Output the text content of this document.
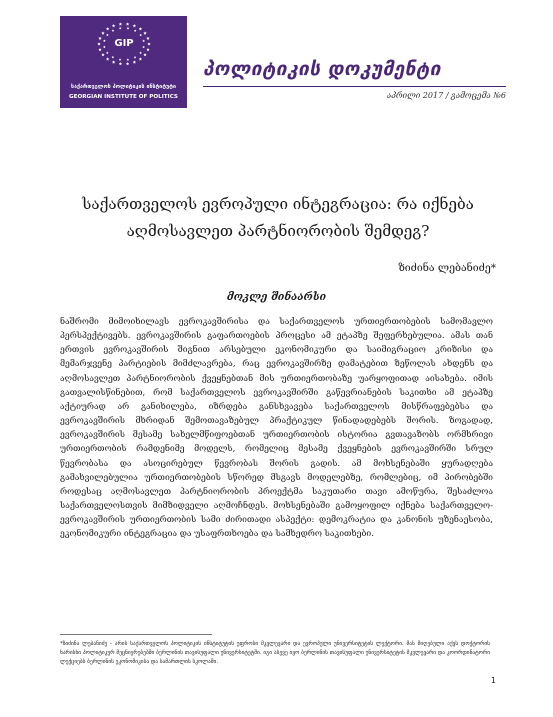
GIP
საქართველოს პოლიტიკის ინსტიტუტი
GEORGIAN INSTITUTE OF POLITICS
პოლიტიკის დოკუმენტი
აპრილი 2017 / გამოცემა №6
საქართველოს ევროპული ინტეგრაცია: რა იქნება
აღმოსავლეთ პარტნიორობის შემდეგ?
ზიძინა ლებანიძე*
მოკლე შინაარსი
ნაშრომი მიმოიხილავს ევროკავშირისა და საქართველოს ურთიერთობების სამომავლო პერსპექტივებს. ევროკავშირის გაფართოების პროცესი ამ ეტაპზე შეფერხებულია. ამას თან ერთვის ევროკავშირის შიგნით არსებული ეკონომიკური და საიმიგრაციო კრიზისი და მემარჯვენე პარტიების მიმძლავრება, რაც ევროკავშირზე დამატებით ზეწოლას ახდენს და აღმოსავლეთ პარტნიორობის ქვეყნებთან მის ურთიერთობაზე უარყოფითად აისახება. იმის გათვალისწინებით, რომ საქართველოს ევროკავშირში გაწევრიანების საკითხი ამ ეტაპზე აქტიურად არ განიხილება, იზრდება განსხვავება საქართველოს მისწრაფებებსა და ევროკავშირის მხრიდან შემოთავაზებულ პრაქტიკულ წინადადებებს შორის. ზოგადად, ევროკავშირის მესამე სახელმწიფოებთან ურთიერთობის ისტორია გვთავაზობს ორმხრივი ურთიერთობის რამდენიმე მოდელს, რომელიც მესამე ქვეყნების ევროკავშირში სრულ წევრობასა და ასოცირებულ წევრობას შორის გადის. ამ მოხსენებაში ყურადღება გამახვილებულია ურთიერთობების სწორედ მსგავს მოდელებზე, რომლებიც, იმ პირობებში როდესაც აღმოსავლეთ პარტნიორობის პროექტმა საკუთარი თავი ამოწურა, შესაძლოა საქართველოსთვის მიმზიდველი აღმოჩნდეს. მოხსენებაში გამოყოფილ იქნება საქართველო-ევროკავშირის ურთიერთობის სამი ძირითადი ასპექტი: დემოკრატია და კანონის უზენაესობა, ეკონომიკური ინტეგრაცია და უსაფრთხოება და სამხედრო საკითხები.
*ზიძინა ლებანიძე - არის საქართველოს პოლიტიკის ინსტიტუტის უფროსი მკვლევარი და ევროპული უნივერსიტეტის ლექტორი. მას მიღებული აქვს დოქტორის ხარისხი პოლიტიკურ მეცნიერებებში ბერლინის თავისუფალი უნივერსიტეტში. იგი ასევე იყო ბერლინის თავისუფალი უნივერსიტეტის მკვლევარი და კოორდინატორი ლექციებს ბერლინის ეკონომიკისა და სამართლის სკოლაში.
1
